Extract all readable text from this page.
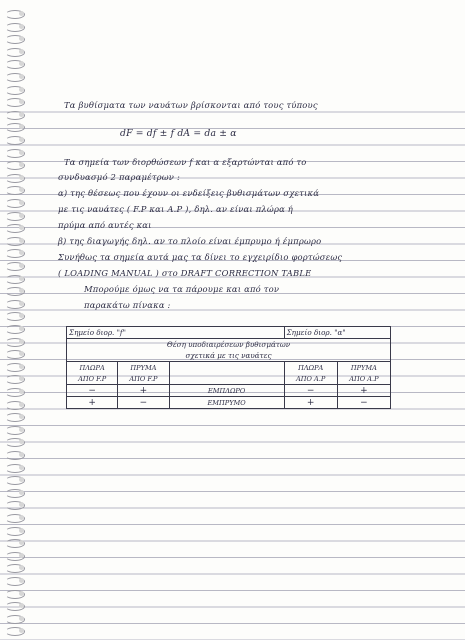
Τα βυθίσματα των ναυάτων βρίσκονται από τους τύπους
dF = df ± f dA = da ± α
Τα σημεία των διορθώσεων f και α εξαρτώνται από το
συνδυασμό 2 παραμέτρων :
α) της θέσεως που έχουν οι ενδείξεις βυθισμάτων σχετικά
με τις ναυάτες ( F.P και A.P ), δηλ. αν είναι πλώρα ή
πρύμα από αυτές και
β) της διαγωγής δηλ. αν το πλοίο είναι έμπρυμο ή έμπρωρο
Συνήθως τα σημεία αυτά μας τα δίνει το εγχειρίδιο φορτώσεως
( LOADING MANUAL ) στο DRAFT CORRECTION TABLE
Μπορούμε όμως να τα πάρουμε και από τον
παρακάτω πίνακα :
Σημείο διορ. "f"			Σημείο διορ. "α"	
Θέση υποδιαιρέσεων βυθισμάτων				
σχετικά με τις ναυάτες				
ΠΛΩΡΑ	ΠΡΥΜΑ		ΠΛΩΡΑ	ΠΡΥΜΑ
ΑΠΟ F.P	ΑΠΟ F.P		ΑΠΟ A.P	ΑΠΟ A.P
−	+	ΕΜΠΛΩΡΟ	−	+
+	−	ΕΜΠΡΥΜΟ	+	−
